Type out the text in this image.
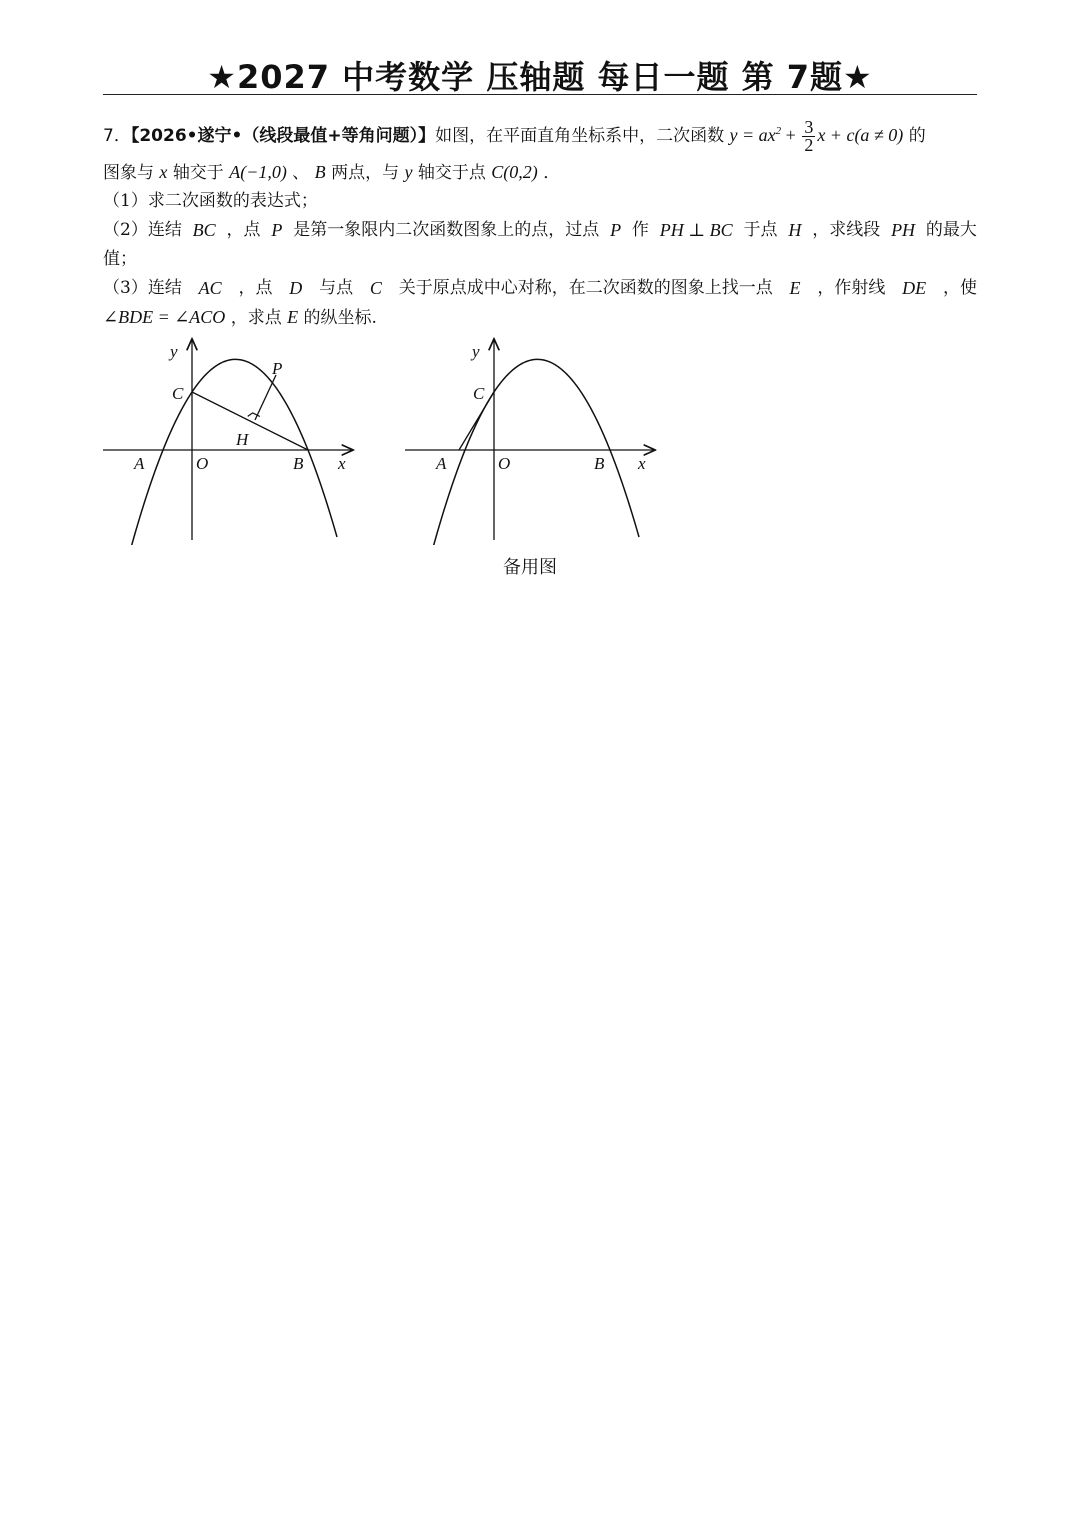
★2027 中考数学 压轴题 每日一题 第 7题★
7．【2026•遂宁•（线段最值+等角问题）】如图，在平面直角坐标系中，二次函数 $y = ax^2 + \frac{3}{2}$ x + c(a ≠ 0) 的
图象与 x 轴交于 A(−1,0) 、 B 两点，与 y 轴交于点 C(0,2) ．
（1）求二次函数的表达式；
（2）连结 BC ，点 P 是第一象限内二次函数图象上的点，过点 P 作 PH ⊥ BC 于点 H ，求线段 PH 的最大
值；
（3）连结 AC ，点 D 与点 C 关于原点成中心对称，在二次函数的图象上找一点 E ，作射线 DE ，使
∠BDE = ∠ACO ，求点 E 的纵坐标.
y
x
A	O	B
C
P
H
y
x
A	O	B
C
备用图
